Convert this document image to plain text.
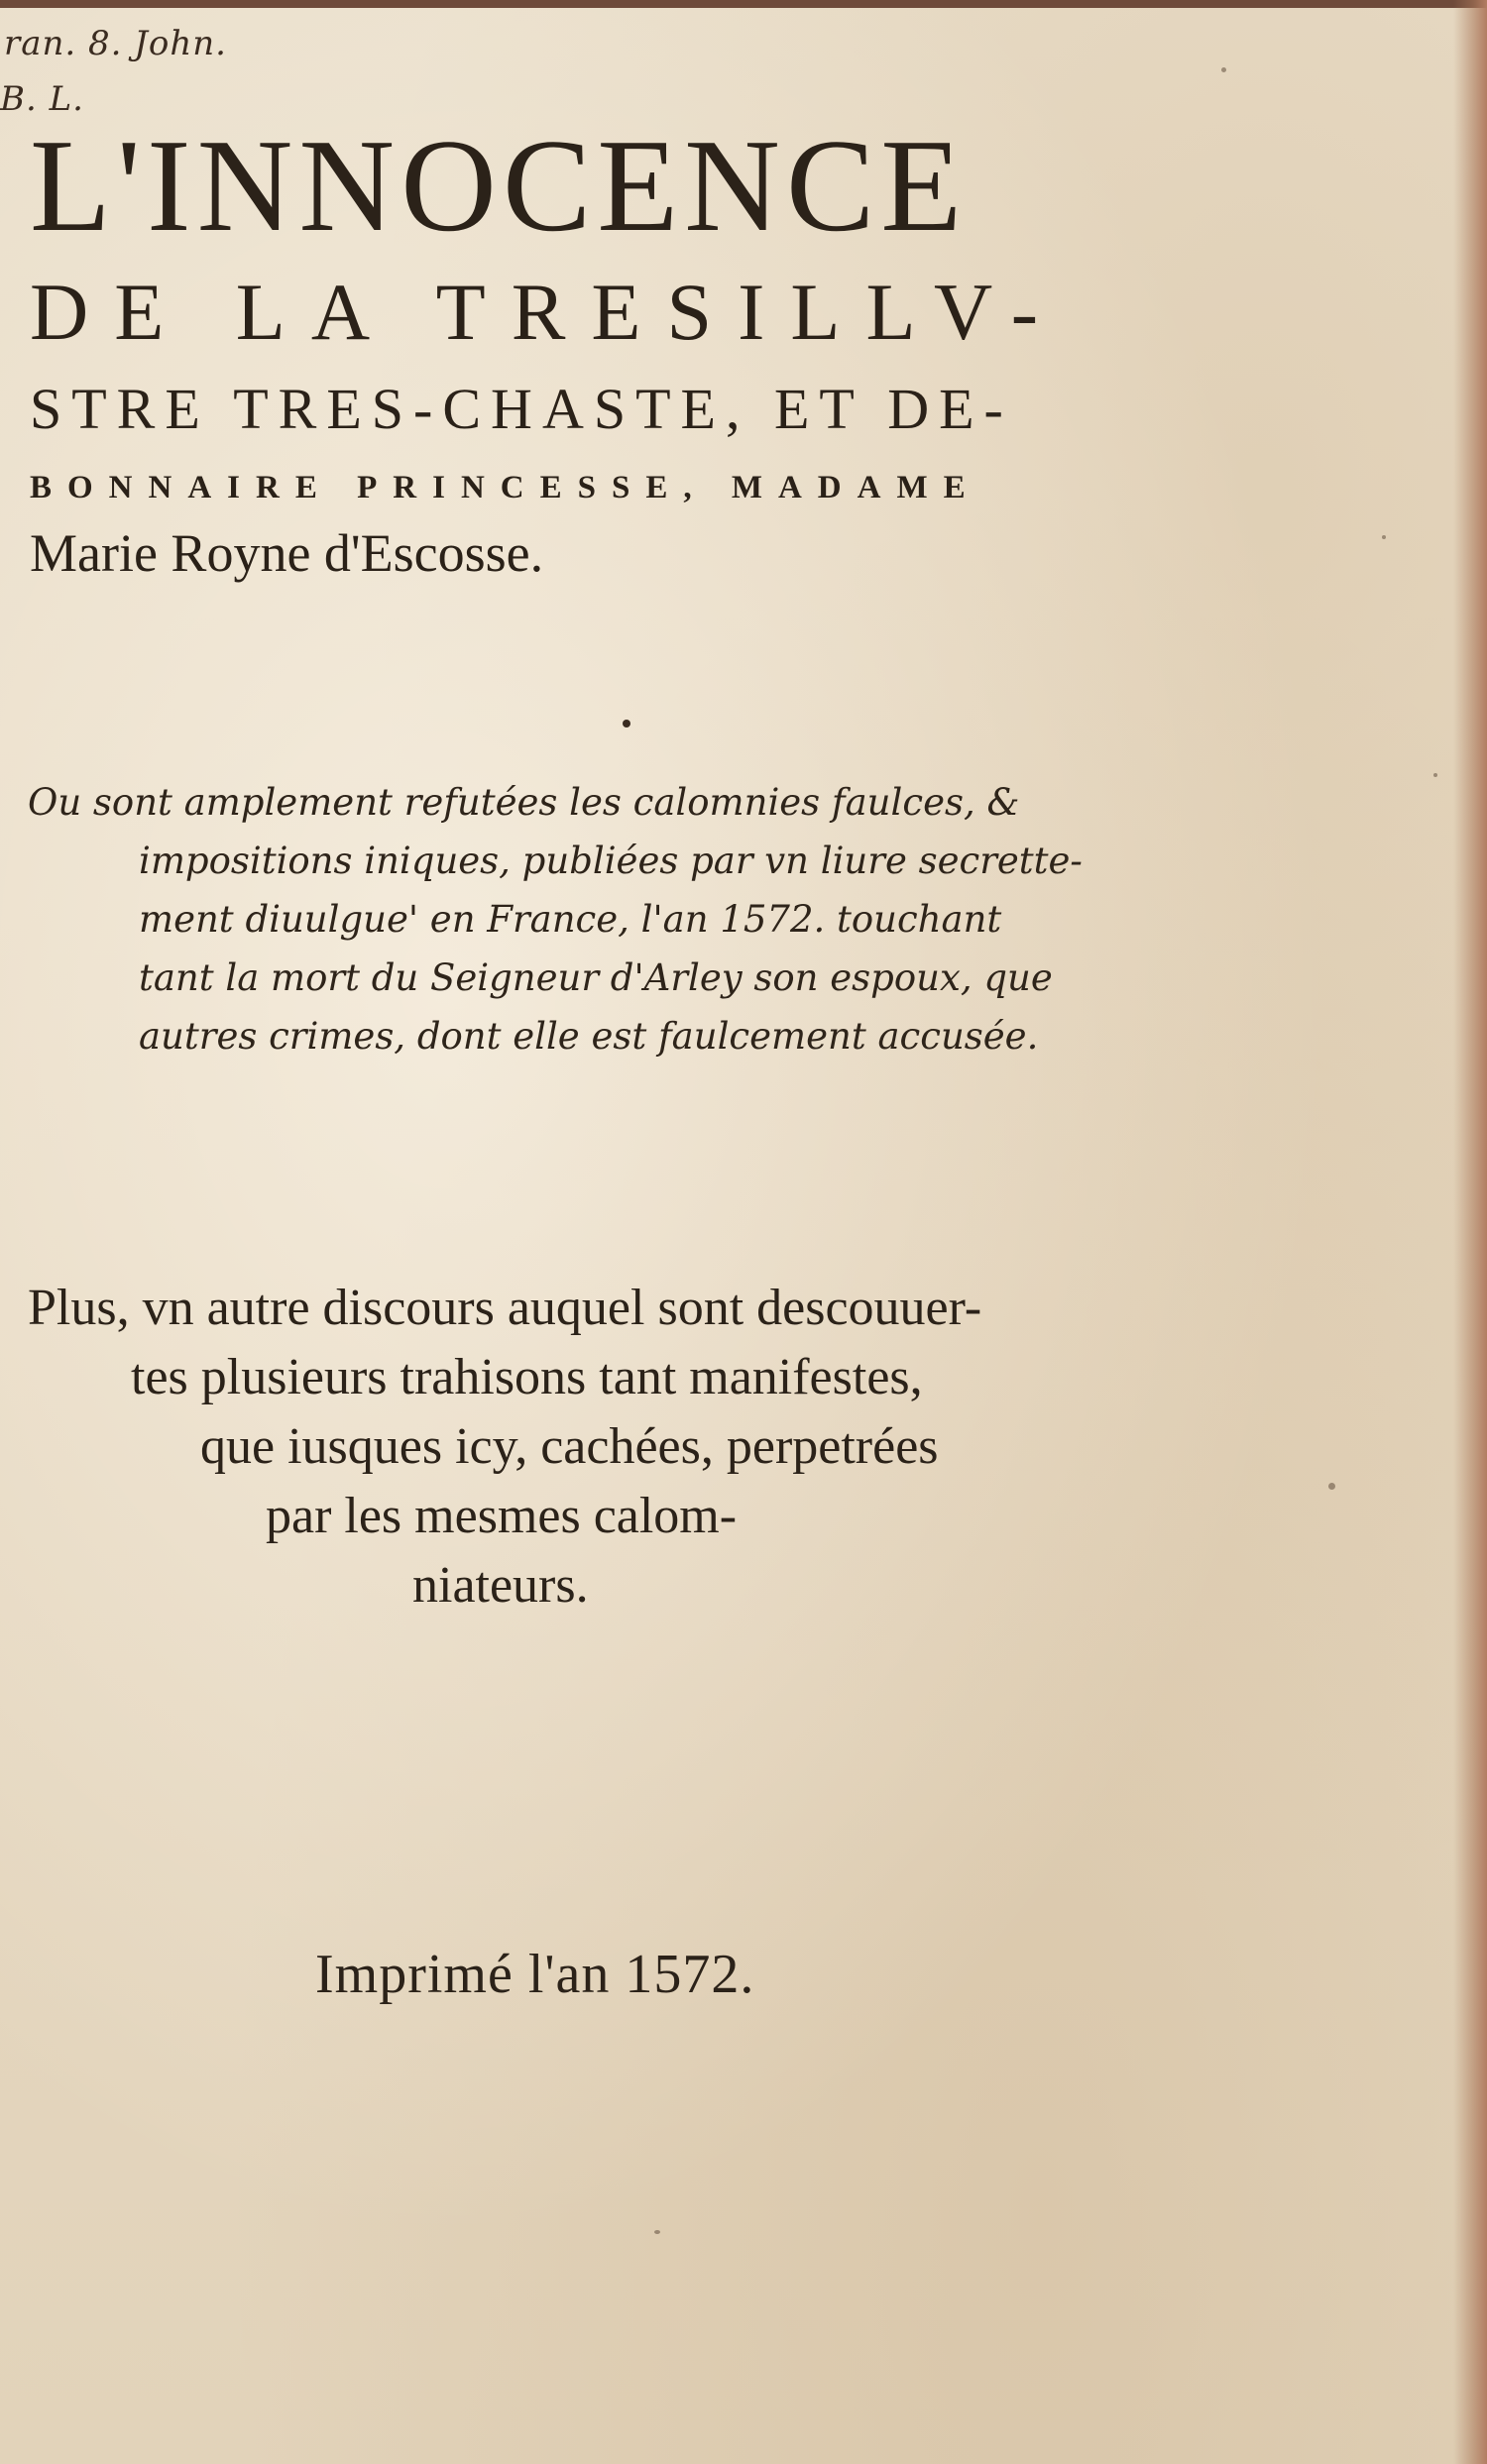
ran. 8. John.
B. L.
L'INNOCENCE
DE LA TRESILLV-
STRE TRES-CHASTE, ET DE-
BONNAIRE PRINCESSE, MADAME
Marie Royne d'Escosse.
Ou sont amplement refutées les calomnies faulces, &
impositions iniques, publiées par vn liure secrette-
ment diuulgue' en France, l'an 1572. touchant
tant la mort du Seigneur d'Arley son espoux, que
autres crimes, dont elle est faulcement accusée.
Plus, vn autre discours auquel sont descouuer-
tes plusieurs trahisons tant manifestes,
que iusques icy, cachées, perpetrées
par les mesmes calom-
niateurs.
Imprimé l'an 1572.
